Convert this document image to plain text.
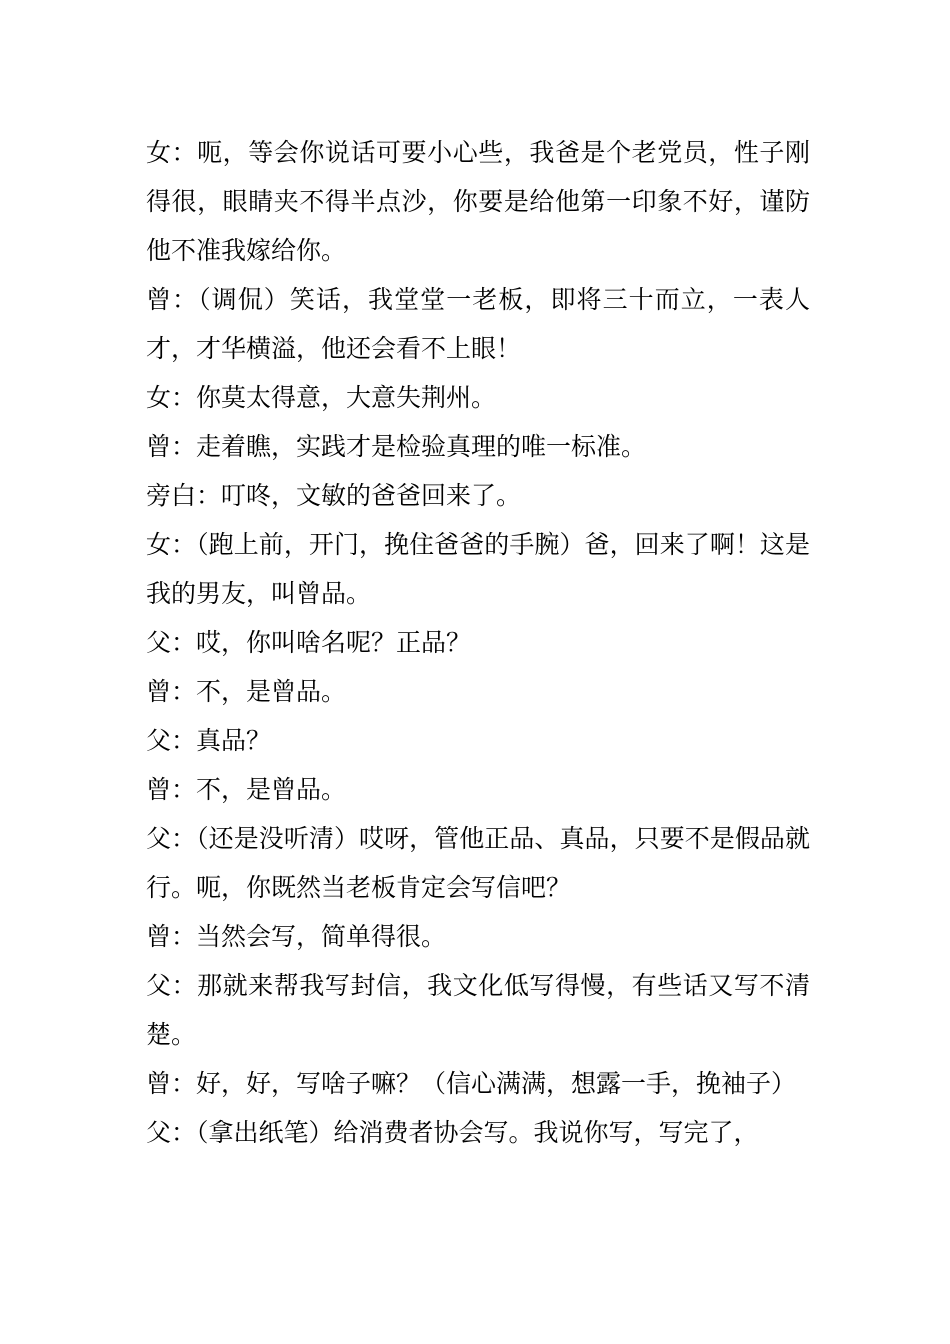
女：呃，等会你说话可要小心些，我爸是个老党员，性子刚得很，眼睛夹不得半点沙，你要是给他第一印象不好，谨防他不准我嫁给你。

曾：（调侃）笑话，我堂堂一老板，即将三十而立，一表人才，才华横溢，他还会看不上眼！

女：你莫太得意，大意失荆州。

曾：走着瞧，实践才是检验真理的唯一标准。

旁白：叮咚，文敏的爸爸回来了。

女：（跑上前，开门，挽住爸爸的手腕）爸，回来了啊！这是我的男友，叫曾品。

父：哎，你叫啥名呢？正品？

曾：不，是曾品。

父：真品？

曾：不，是曾品。

父：（还是没听清）哎呀，管他正品、真品，只要不是假品就行。呃，你既然当老板肯定会写信吧？

曾：当然会写，简单得很。

父：那就来帮我写封信，我文化低写得慢，有些话又写不清楚。

曾：好，好，写啥子嘛？（信心满满，想露一手，挽袖子）

父：（拿出纸笔）给消费者协会写。我说你写，写完了，
